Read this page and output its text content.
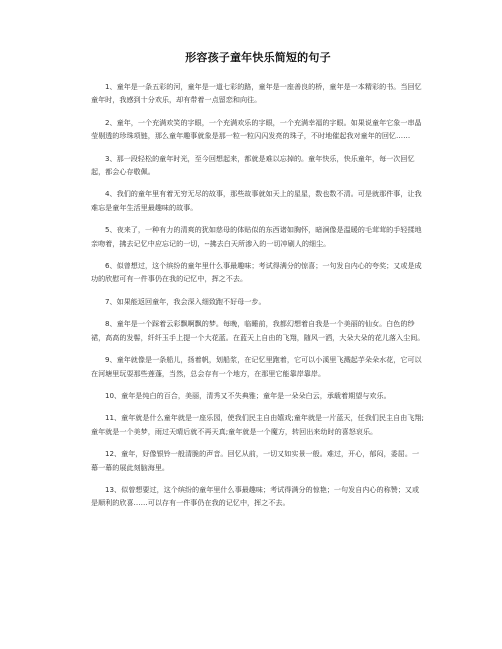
形容孩子童年快乐简短的句子

1、童年是一条五彩的河，童年是一道七彩的路，童年是一座善良的桥，童年是一本精彩的书。当回忆童年时，我感到十分欢乐，却有带着一点留恋和向往。

2、童年，一个充满欢笑的字眼，一个充满欢乐的字眼，一个充满幸福的字眼。如果说童年它象一串晶莹剔透的珍珠项链，那么童年趣事就象是那一粒一粒闪闪发亮的珠子，不时地催起我对童年的回忆……

3、那一段轻松的童年时光，至今回想起来，都就是难以忘掉的。童年快乐，快乐童年，每一次回忆起，都会心存敬佩。

4、我们的童年里有着无穷无尽的故事，那些故事就如天上的星星，数也数不清。可是就那件事，让我难忘是童年生活里最趣味的故事。

5、夜来了，一种有力的清爽的犹如慈母的体贴似的东西诸如胸怀，暗涧像是温暖的毛茸茸的手轻揉地亲吻着，拂去记忆中应忘记的一切，--拂去白天所渗入的一切冲刷人的细尘。

6、似曾想过，这个缤纷的童年里什么事最趣味；考试得满分的惊喜；一句发自内心的夸奖；又或是成功的欣慰可有一件事仍在我的记忆中，挥之不去。

7、如果能返回童年，我会深入细致跑不好母一步。

8、童年是一个踩着云彩飘啊飘的梦。每晚，临睡前，我都幻想着自我是一个美丽的仙女。白色的纱裙，高高的发髻，纤纤玉手上提一个大花蓝。在蓝天上自由的飞翔，随风一洒，大朵大朵的花儿落入尘间。

9、童年就像是一条船儿，扬着帆，划船浆，在记忆里跑着，它可以小溪里飞溅起芋朵朵水花，它可以在河塘里玩耍那些莲蓬，当然，总会存有一个地方，在那里它能靠岸靠岸。

10、童年是纯白的百合，美丽，清秀又不失典雅；童年是一朵朵白云，承载着期望与欢乐。

11、童年就是什么童年就是一座乐园，使我们民主自由嬉戏;童年就是一片蓝天，任我们民主自由飞翔;童年就是一个美梦，雨过天晴后就不再天真;童年就是一个魔方，转回出来幼时的喜怒哀乐。

12、童年，好像银铃一般清脆的声音。回忆从前，一切又如实景一般。难过，开心，郁闷，委屈。一幕一幕的展此刻脑海里。

13、似曾想要过，这个缤纷的童年里什么事最趣味；考试得满分的惊艳；一句发自内心的称赞；又或是顺利的欣喜……可以存有一件事仍在我的记忆中，挥之不去。
